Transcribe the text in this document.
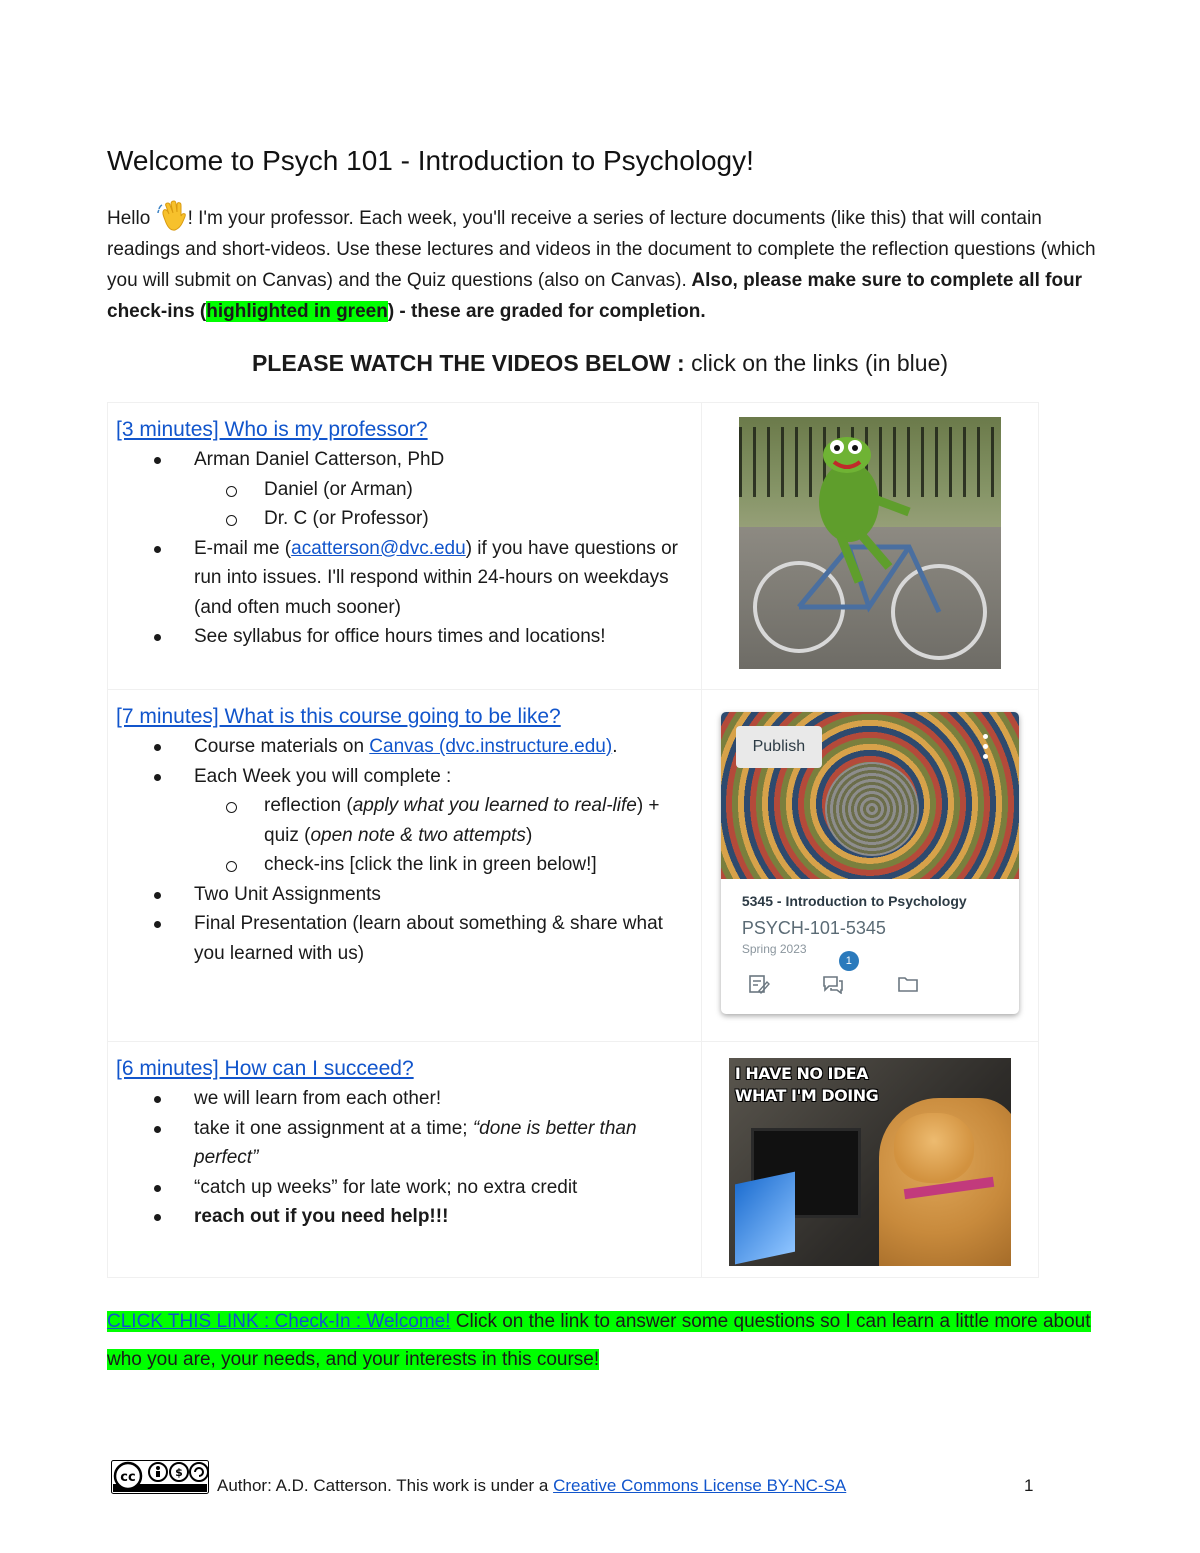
Welcome to Psych 101 - Introduction to Psychology!
Hello ! I'm your professor. Each week, you'll receive a series of lecture documents (like this) that will contain readings and short-videos. Use these lectures and videos in the document to complete the reflection questions (which you will submit on Canvas) and the Quiz questions (also on Canvas). Also, please make sure to complete all four check-ins (highlighted in green) - these are graded for completion.
PLEASE WATCH THE VIDEOS BELOW : click on the links (in blue)
[3 minutes] Who is my professor?
Arman Daniel Catterson, PhD
Daniel (or Arman)
Dr. C (or Professor)
E-mail me (acatterson@dvc.edu) if you have questions or run into issues. I'll respond within 24-hours on weekdays (and often much sooner)
See syllabus for office hours times and locations!
[7 minutes] What is this course going to be like?
Course materials on Canvas (dvc.instructure.edu).
Each Week you will complete :
reflection (apply what you learned to real-life) + quiz (open note & two attempts)
check-ins [click the link in green below!]
Two Unit Assignments
Final Presentation (learn about something & share what you learned with us)
Publish
5345 - Introduction to Psychology
PSYCH-101-5345
Spring 2023
1
[6 minutes] How can I succeed?
we will learn from each other!
take it one assignment at a time; “done is better than perfect”
“catch up weeks” for late work; no extra credit
reach out if you need help!!!
I HAVE NO IDEA
WHAT I'M DOING
CLICK THIS LINK : Check-In : Welcome! Click on the link to answer some questions so I can learn a little more about who you are, your needs, and your interests in this course!
cc	$
Author: A.D. Catterson. This work is under a Creative Commons License BY-NC-SA	1
